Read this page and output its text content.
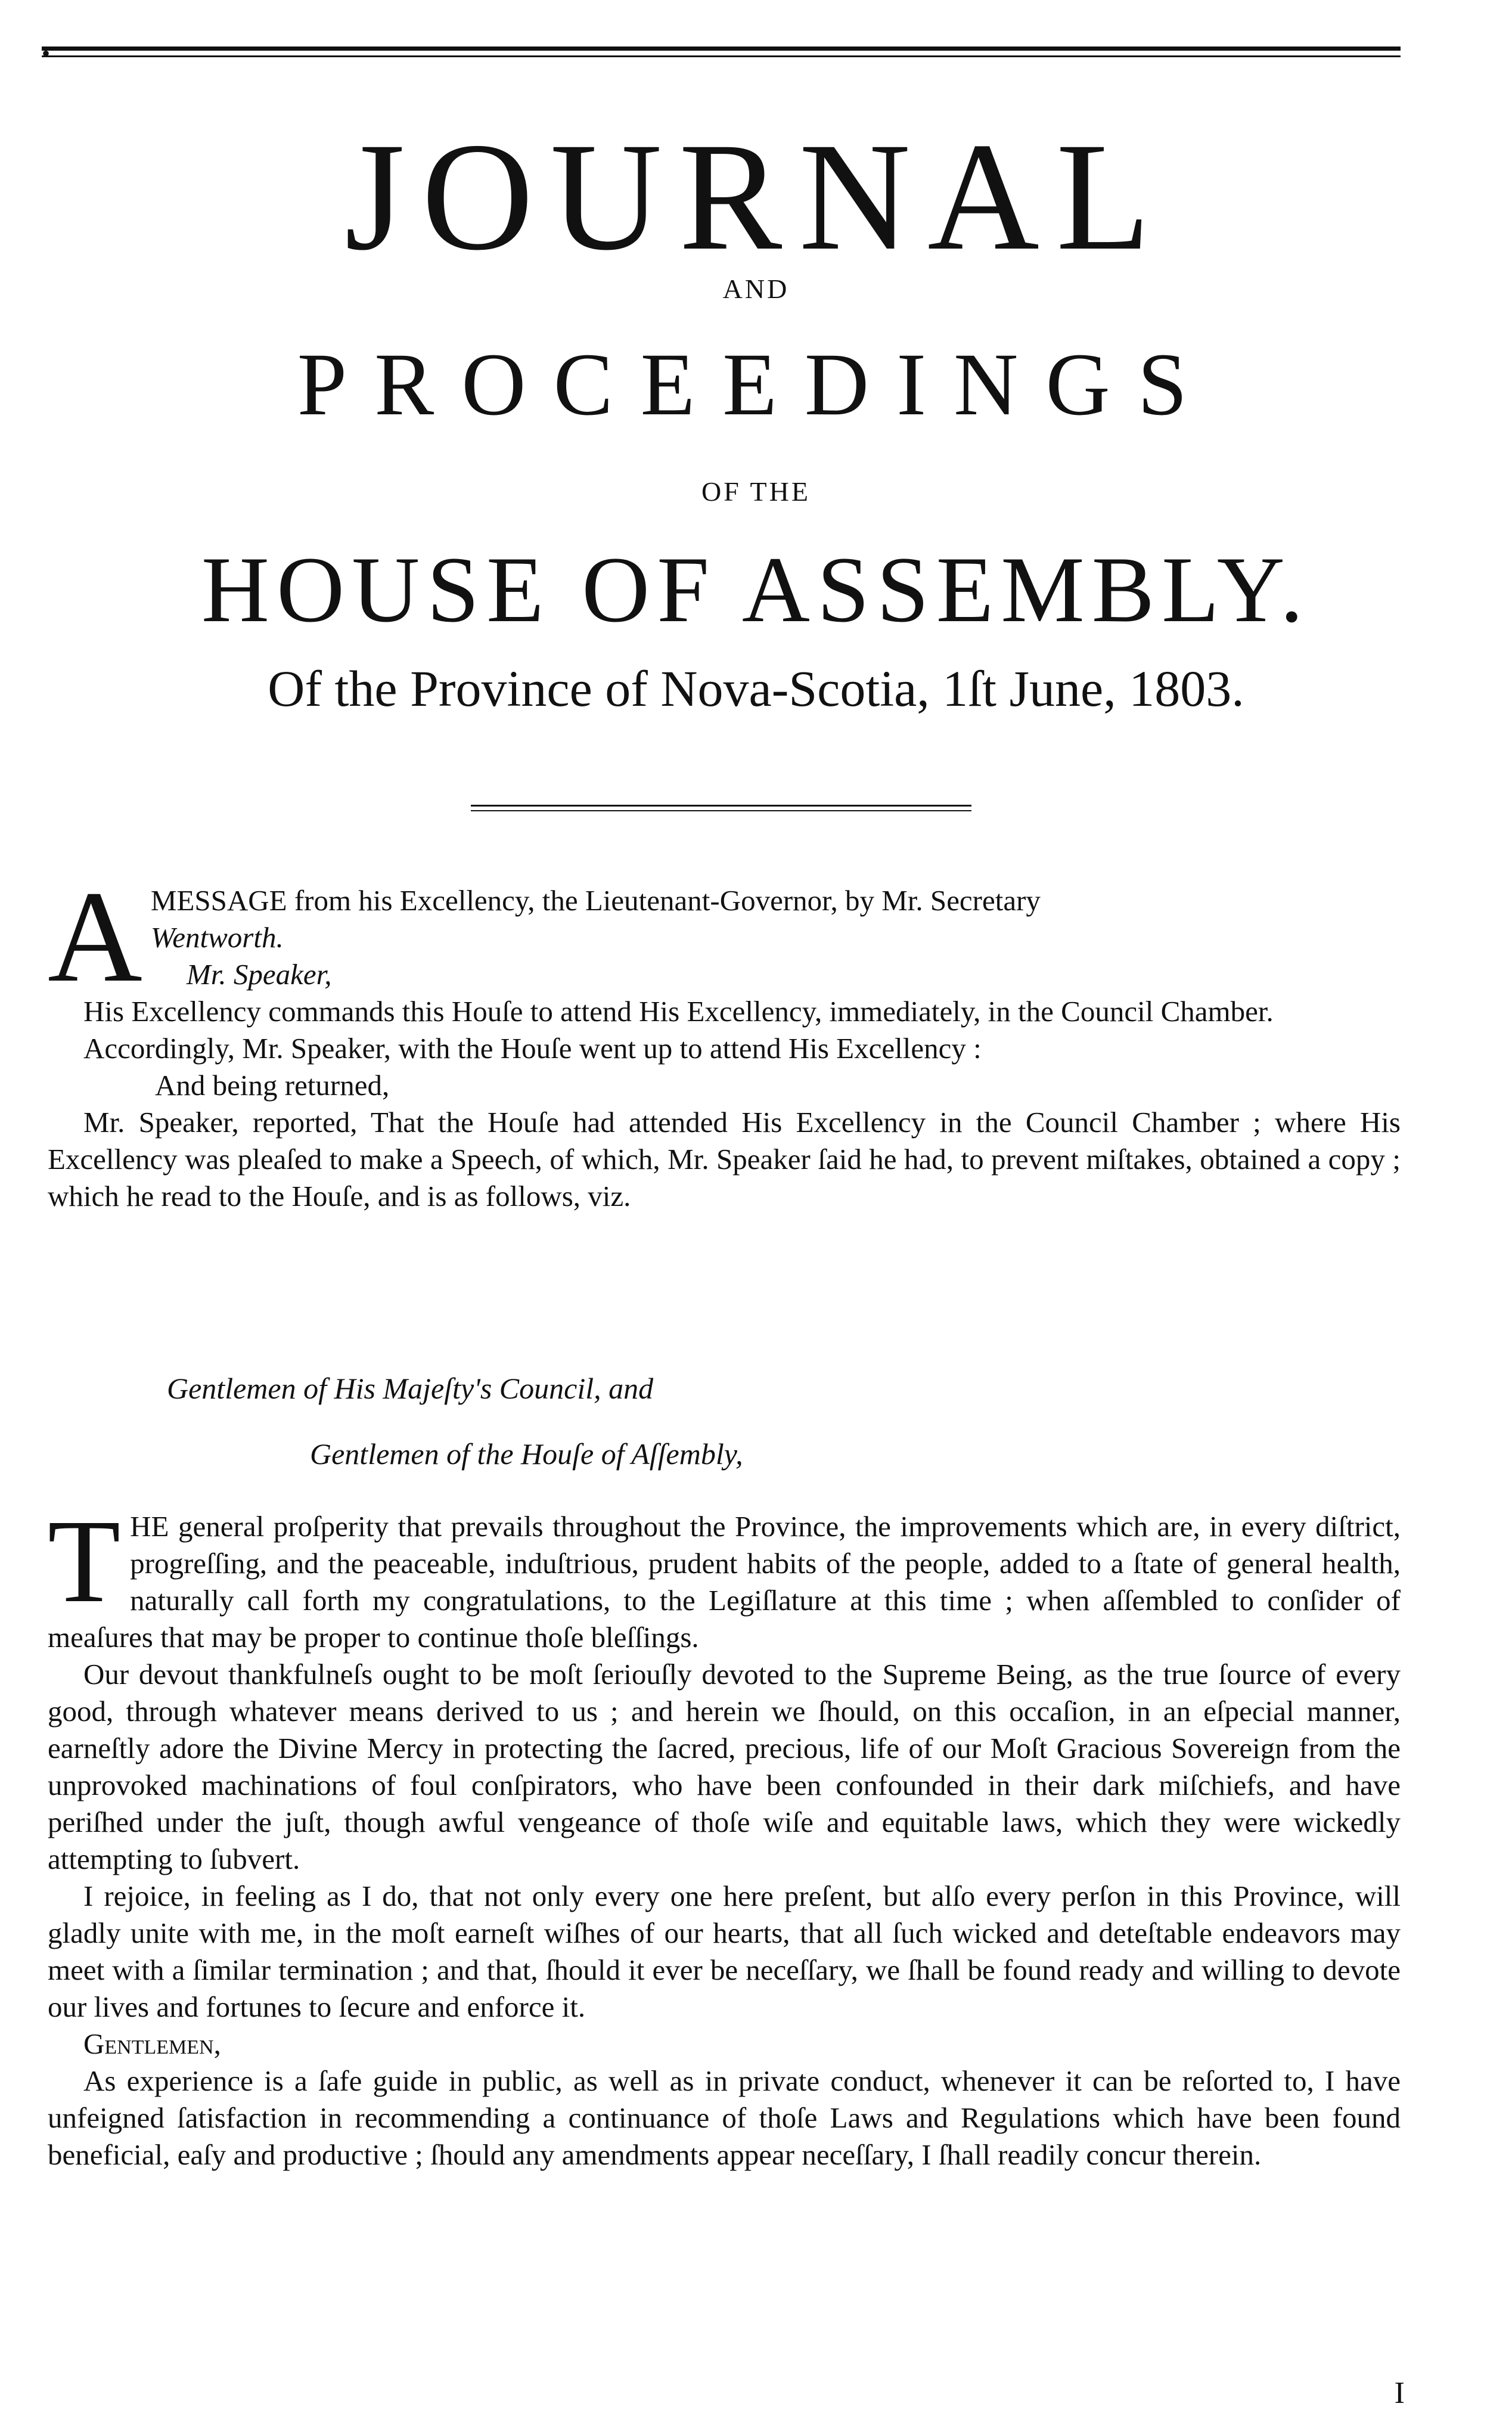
•
JOURNAL
AND
PROCEEDINGS
OF THE
HOUSE OF ASSEMBLY.
Of the Province of Nova-Scotia, 1ſt June, 1803.
A MESSAGE from his Excellency, the Lieutenant-Governor, by Mr. Secretary
Wentworth.
Mr. Speaker,

His Excellency commands this Houſe to attend His Excellency, immediately, in the Council Chamber.

Accordingly, Mr. Speaker, with the Houſe went up to attend His Excellency :

And being returned,

Mr. Speaker, reported, That the Houſe had attended His Excellency in the Council Chamber ; where His Excellency was pleaſed to make a Speech, of which, Mr. Speaker ſaid he had, to prevent miſtakes, obtained a copy ; which he read to the Houſe, and is as follows, viz.

Gentlemen of His Majeſty's Council, and
Gentlemen of the Houſe of Aſſembly,
T HE general proſperity that prevails throughout the Province, the improvements which are, in every diſtrict, progreſſing, and the peaceable, induſtrious, prudent habits of the people, added to a ſtate of general health, naturally call forth my congratulations, to the Legiſlature at this time ; when aſſembled to conſider of meaſures that may be proper to continue thoſe bleſſings.

Our devout thankfulneſs ought to be moſt ſeriouſly devoted to the Supreme Being, as the true ſource of every good, through whatever means derived to us ; and herein we ſhould, on this occaſion, in an eſpecial manner, earneſtly adore the Divine Mercy in protecting the ſacred, precious, life of our Moſt Gracious Sovereign from the unprovoked machinations of foul conſpirators, who have been confounded in their dark miſchiefs, and have periſhed under the juſt, though awful vengeance of thoſe wiſe and equitable laws, which they were wickedly attempting to ſubvert.

I rejoice, in feeling as I do, that not only every one here preſent, but alſo every perſon in this Province, will gladly unite with me, in the moſt earneſt wiſhes of our hearts, that all ſuch wicked and deteſtable endeavors may meet with a ſimilar termination ; and that, ſhould it ever be neceſſary, we ſhall be found ready and willing to devote our lives and fortunes to ſecure and enforce it.

Gentlemen,

As experience is a ſafe guide in public, as well as in private conduct, whenever it can be reſorted to, I have unfeigned ſatisfaction in recommending a continuance of thoſe Laws and Regulations which have been found beneficial, eaſy and productive ; ſhould any amendments appear neceſſary, I ſhall readily concur therein.

I
